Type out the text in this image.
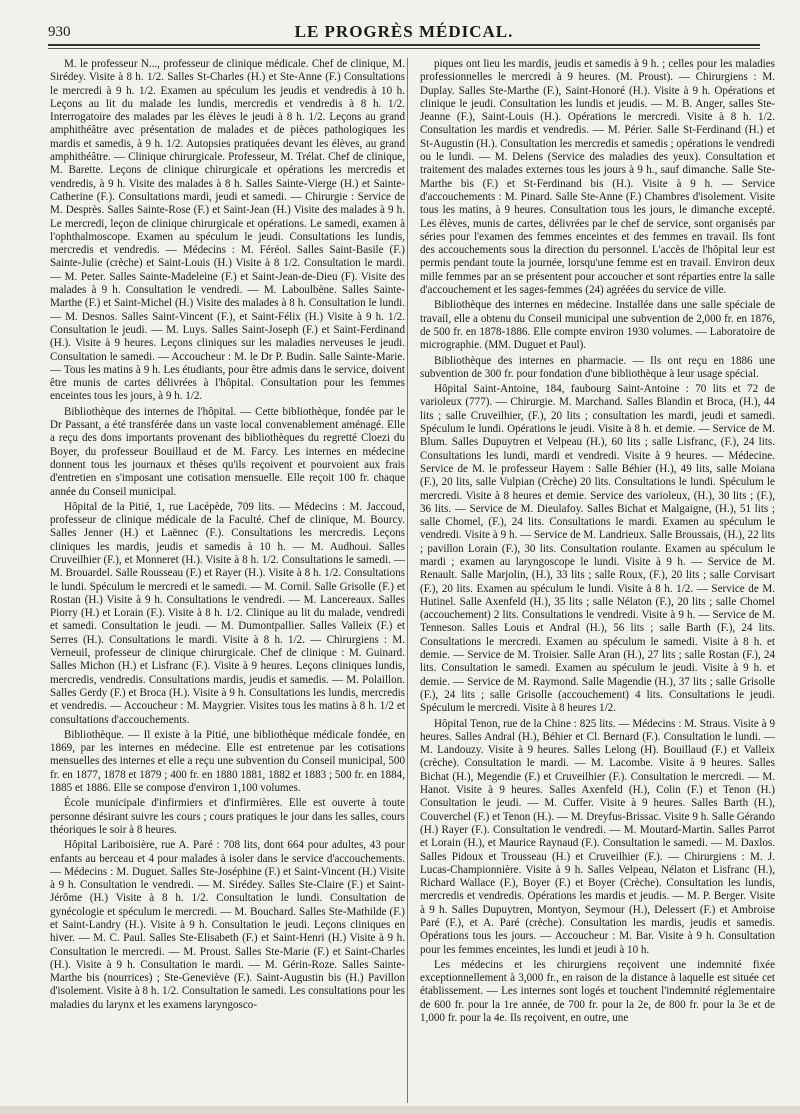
930	LE PROGRÈS MÉDICAL.

M. le professeur N..., professeur de clinique médicale. Chef de clinique, M. Sirédey. Visite à 8 h. 1/2. Salles St-Charles (H.) et Ste-Anne (F.) Consultations le mercredi à 9 h. 1/2. Examen au spéculum les jeudis et vendredis à 10 h. Leçons au lit du malade les lundis, mercredis et vendredis à 8 h. 1/2. Interrogatoire des malades par les élèves le jeudi à 8 h. 1/2. Leçons au grand amphithéâtre avec présentation de malades et de pièces pathologiques les mardis et samedis, à 9 h. 1/2. Autopsies pratiquées devant les élèves, au grand amphithéâtre. — Clinique chirurgicale. Professeur, M. Trélat. Chef de clinique, M. Barette. Leçons de clinique chirurgicale et opérations les mercredis et vendredis, à 9 h. Visite des malades à 8 h. Salles Sainte-Vierge (H.) et Sainte-Catherine (F.). Consultations mardi, jeudi et samedi. — Chirurgie : Service de M. Desprès. Salles Sainte-Rose (F.) et Saint-Jean (H.) Visite des malades à 9 h. Le mercredi, leçon de clinique chirurgicale et opérations. Le samedi, examen à l'ophthalmoscope. Examen au spéculum le jeudi. Consultations les lundis, mercredis et vendredis. — Médecins : M. Féréol. Salles Saint-Basile (F.) Sainte-Julie (crèche) et Saint-Louis (H.) Visite à 8 1/2. Consultation le mardi. — M. Peter. Salles Sainte-Madeleine (F.) et Saint-Jean-de-Dieu (F). Visite des malades à 9 h. Consultation le vendredi. — M. Laboulbène. Salles Sainte-Marthe (F.) et Saint-Michel (H.) Visite des malades à 8 h. Consultation le lundi. — M. Desnos. Salles Saint-Vincent (F.), et Saint-Félix (H.) Visite à 9 h. 1/2. Consultation le jeudi. — M. Luys. Salles Saint-Joseph (F.) et Saint-Ferdinand (H.). Visite à 9 heures. Leçons cliniques sur les maladies nerveuses le jeudi. Consultation le samedi. — Accoucheur : M. le Dr P. Budin. Salle Sainte-Marie. — Tous les matins à 9 h. Les étudiants, pour être admis dans le service, doivent être munis de cartes délivrées à l'hôpital. Consultation pour les femmes enceintes tous les jours, à 9 h. 1/2.

Bibliothèque des internes de l'hôpital. — Cette bibliothèque, fondée par le Dr Passant, a été transférée dans un vaste local convenablement aménagé. Elle a reçu des dons importants provenant des bibliothèques du regretté Cloezi du Boyer, du professeur Bouillaud et de M. Farcy. Les internes en médecine donnent tous les journaux et thèses qu'ils reçoivent et pourvoient aux frais d'entretien en s'imposant une cotisation mensuelle. Elle reçoit 100 fr. chaque année du Conseil municipal.

Hôpital de la Pitié, 1, rue Lacépède, 709 lits. — Médecins : M. Jaccoud, professeur de clinique médicale de la Faculté. Chef de clinique, M. Bourcy. Salles Jenner (H.) et Laënnec (F.). Consultations les mercredis. Leçons cliniques les mardis, jeudis et samedis à 10 h. — M. Audhoui. Salles Cruveilhier (F.), et Monneret (H.). Visite à 8 h. 1/2. Consultations le samedi. — M. Brouardel. Salle Rousseau (F.) et Rayer (H.). Visite à 8 h. 1/2. Consultations le lundi. Spéculum le mercredi et le samedi. — M. Cornil. Salle Grisolle (F.) et Rostan (H.) Visite à 9 h. Consultations le vendredi. — M. Lancereaux. Salles Piorry (H.) et Lorain (F.). Visite à 8 h. 1/2. Clinique au lit du malade, vendredi et samedi. Consultation le jeudi. — M. Dumontpallier. Salles Valleix (F.) et Serres (H.). Consultations le mardi. Visite à 8 h. 1/2. — Chirurgiens : M. Verneuil, professeur de clinique chirurgicale. Chef de clinique : M. Guinard. Salles Michon (H.) et Lisfranc (F.). Visite à 9 heures. Leçons cliniques lundis, mercredis, vendredis. Consultations mardis, jeudis et samedis. — M. Polaillon. Salles Gerdy (F.) et Broca (H.). Visite à 9 h. Consultations les lundis, mercredis et vendredis. — Accoucheur : M. Maygrier. Visites tous les matins à 8 h. 1/2 et consultations d'accouchements.

Bibliothèque. — Il existe à la Pitié, une bibliothèque médicale fondée, en 1869, par les internes en médecine. Elle est entretenue par les cotisations mensuelles des internes et elle a reçu une subvention du Conseil municipal, 500 fr. en 1877, 1878 et 1879 ; 400 fr. en 1880 1881, 1882 et 1883 ; 500 fr. en 1884, 1885 et 1886. Elle se compose d'environ 1,100 volumes.

École municipale d'infirmiers et d'infirmières. Elle est ouverte à toute personne désirant suivre les cours ; cours pratiques le jour dans les salles, cours théoriques le soir à 8 heures.

Hôpital Lariboisière, rue A. Paré : 708 lits, dont 664 pour adultes, 43 pour enfants au berceau et 4 pour malades à isoler dans le service d'accouchements. — Médecins : M. Duguet. Salles Ste-Joséphine (F.) et Saint-Vincent (H.) Visite à 9 h. Consultation le vendredi. — M. Sirédey. Salles Ste-Claire (F.) et Saint-Jérôme (H.) Visite à 8 h. 1/2. Consultation le lundi. Consultation de gynécologie et spéculum le mercredi. — M. Bouchard. Salles Ste-Mathilde (F.) et Saint-Landry (H.). Visite à 9 h. Consultation le jeudi. Leçons cliniques en hiver. — M. C. Paul. Salles Ste-Elisabeth (F.) et Saint-Henri (H.) Visite à 9 h. Consultation le mercredi. — M. Proust. Salles Ste-Marie (F.) et Saint-Charles (H.). Visite à 9 h. Consultation le mardi. — M. Gérin-Roze. Salles Sainte-Marthe bis (nourrices) ; Ste-Geneviève (F.). Saint-Augustin bis (H.) Pavillon d'isolement. Visite à 8 h. 1/2. Consultation le samedi. Les consultations pour les maladies du larynx et les examens laryngosco-

piques ont lieu les mardis, jeudis et samedis à 9 h. ; celles pour les maladies professionnelles le mercredi à 9 heures. (M. Proust). — Chirurgiens : M. Duplay. Salles Ste-Marthe (F.), Saint-Honoré (H.). Visite à 9 h. Opérations et clinique le jeudi. Consultation les lundis et jeudis. — M. B. Anger, salles Ste-Jeanne (F.), Saint-Louis (H.). Opérations le mercredi. Visite à 8 h. 1/2. Consultation les mardis et vendredis. — M. Périer. Salle St-Ferdinand (H.) et St-Augustin (H.). Consultation les mercredis et samedis ; opérations le vendredi ou le lundi. — M. Delens (Service des maladies des yeux). Consultation et traitement des malades externes tous les jours à 9 h., sauf dimanche. Salle Ste-Marthe bis (F.) et St-Ferdinand bis (H.). Visite à 9 h. — Service d'accouchements : M. Pinard. Salle Ste-Anne (F.) Chambres d'isolement. Visite tous les matins, à 9 heures. Consultation tous les jours, le dimanche excepté. Les élèves, munis de cartes, délivrées par le chef de service, sont organisés par séries pour l'examen des femmes enceintes et des femmes en travail. Ils font des accouchements sous la direction du personnel. L'accès de l'hôpital leur est permis pendant toute la journée, lorsqu'une femme est en travail. Environ deux mille femmes par an se présentent pour accoucher et sont réparties entre la salle d'accouchement et les sages-femmes (24) agréées du service de ville.

Bibliothèque des internes en médecine. Installée dans une salle spéciale de travail, elle a obtenu du Conseil municipal une subvention de 2,000 fr. en 1876, de 500 fr. en 1878-1886. Elle compte environ 1930 volumes. — Laboratoire de micrographie. (MM. Duguet et Paul).

Bibliothèque des internes en pharmacie. — Ils ont reçu en 1886 une subvention de 300 fr. pour fondation d'une bibliothèque à leur usage spécial.

Hôpital Saint-Antoine, 184, faubourg Saint-Antoine : 70 lits et 72 de varioleux (777). — Chirurgie. M. Marchand. Salles Blandin et Broca, (H.), 44 lits ; salle Cruveilhier, (F.), 20 lits ; consultation les mardi, jeudi et samedi. Spéculum le lundi. Opérations le jeudi. Visite à 8 h. et demie. — Service de M. Blum. Salles Dupuytren et Velpeau (H.), 60 lits ; salle Lisfranc, (F.), 24 lits. Consultations les lundi, mardi et vendredi. Visite à 9 heures. — Médecine. Service de M. le professeur Hayem : Salle Béhier (H.), 49 lits, salle Moiana (F.), 20 lits, salle Vulpian (Crèche) 20 lits. Consultations le lundi. Spéculum le mercredi. Visite à 8 heures et demie. Service des varioleux, (H.), 30 lits ; (F.), 36 lits. — Service de M. Dieulafoy. Salles Bichat et Malgaigne, (H.), 51 lits ; salle Chomel, (F.), 24 lits. Consultations le mardi. Examen au spéculum le vendredi. Visite à 9 h. — Service de M. Landrieux. Salle Broussais, (H.), 22 lits ; pavillon Lorain (F.), 30 lits. Consultation roulante. Examen au spéculum le mardi ; examen au laryngoscope le lundi. Visite à 9 h. — Service de M. Renault. Salle Marjolin, (H.), 33 lits ; salle Roux, (F.), 20 lits ; salle Corvisart (F.), 20 lits. Examen au spéculum le lundi. Visite à 8 h. 1/2. — Service de M. Hutinel. Salle Axenfeld (H.), 35 lits ; salle Nélaton (F.), 20 lits ; salle Chomel (accouchement) 2 lits. Consultations le vendredi. Visite à 9 h. — Service de M. Tenneson. Salles Louis et Andral (H.), 56 lits ; salle Barth (F.), 24 lits. Consultations le mercredi. Examen au spéculum le samedi. Visite à 8 h. et demie. — Service de M. Troisier. Salle Aran (H.), 27 lits ; salle Rostan (F.), 24 lits. Consultation le samedi. Examen au spéculum le jeudi. Visite à 9 h. et demie. — Service de M. Raymond. Salle Magendie (H.), 37 lits ; salle Grisolle (F.), 24 lits ; salle Grisolle (accouchement) 4 lits. Consultations le jeudi. Spéculum le mercredi. Visite à 8 heures 1/2.

Hôpital Tenon, rue de la Chine : 825 lits. — Médecins : M. Straus. Visite à 9 heures. Salles Andral (H.), Béhier et Cl. Bernard (F.). Consultation le lundi. — M. Landouzy. Visite à 9 heures. Salles Lelong (H). Bouillaud (F.) et Valleix (crèche). Consultation le mardi. — M. Lacombe. Visite à 9 heures. Salles Bichat (H.), Megendie (F.) et Cruveilhier (F.). Consultation le mercredi. — M. Hanot. Visite à 9 heures. Salles Axenfeld (H.), Colin (F.) et Tenon (H.) Consultation le jeudi. — M. Cuffer. Visite à 9 heures. Salles Barth (H.), Couverchel (F.) et Tenon (H.). — M. Dreyfus-Brissac. Visite 9 h. Salle Gérando (H.) Rayer (F.). Consultation le vendredi. — M. Moutard-Martin. Salles Parrot et Lorain (H.), et Maurice Raynaud (F.). Consultation le samedi. — M. Daxlos. Salles Pidoux et Trousseau (H.) et Cruveilhier (F.). — Chirurgiens : M. J. Lucas-Championnière. Visite à 9 h. Salles Velpeau, Nélaton et Lisfranc (H.), Richard Wallace (F.), Boyer (F.) et Boyer (Crèche). Consultation les lundis, mercredis et vendredis. Opérations les mardis et jeudis. — M. P. Berger. Visite à 9 h. Salles Dupuytren, Montyon, Seymour (H.), Delessert (F.) et Ambroise Paré (F.), et A. Paré (crèche). Consultation les mardis, jeudis et samedis. Opérations tous les jours. — Accoucheur : M. Bar. Visite à 9 h. Consultation pour les femmes enceintes, les lundi et jeudi à 10 h.

Les médecins et les chirurgiens reçoivent une indemnité fixée exceptionnellement à 3,000 fr., en raison de la distance à laquelle est située cet établissement. — Les internes sont logés et touchent l'indemnité réglementaire de 600 fr. pour la 1re année, de 700 fr. pour la 2e, de 800 fr. pour la 3e et de 1,000 fr. pour la 4e. Ils reçoivent, en outre, une
